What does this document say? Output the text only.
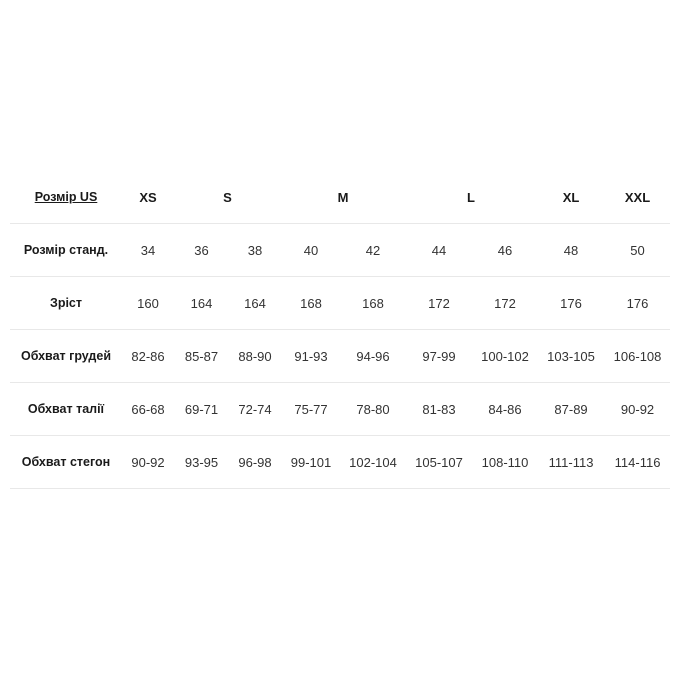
Розмір US	XS	S		M		L		XL	XXL
Розмір станд.	34	36	38	40	42	44	46	48	50
Зріст	160	164	164	168	168	172	172	176	176
Обхват грудей	82-86	85-87	88-90	91-93	94-96	97-99	100-102	103-105	106-108
Обхват талії	66-68	69-71	72-74	75-77	78-80	81-83	84-86	87-89	90-92
Обхват стегон	90-92	93-95	96-98	99-101	102-104	105-107	108-110	111-113	114-116
